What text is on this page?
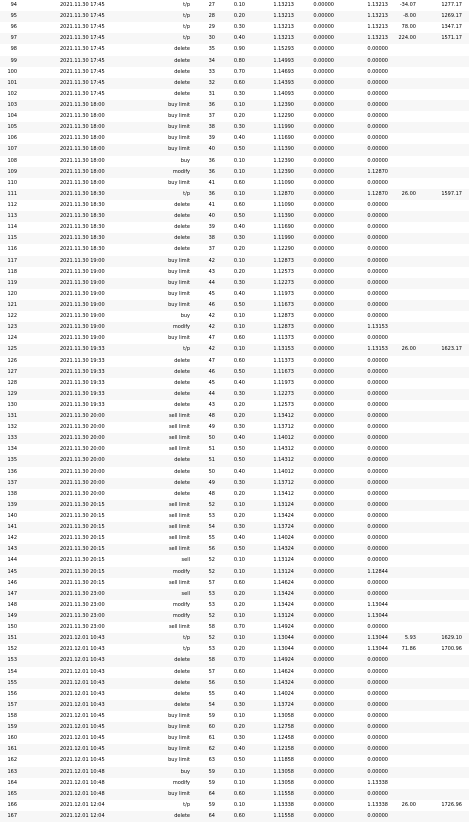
94	2021.11.30 17:45	t/p	27	0.10	1.13213	0.00000	1.13213	-34.07	1277.17
95	2021.11.30 17:45	t/p	28	0.20	1.13213	0.00000	1.13213	-8.00	1269.17
96	2021.11.30 17:45	t/p	29	0.30	1.13213	0.00000	1.13213	78.00	1347.17
97	2021.11.30 17:45	t/p	30	0.40	1.13213	0.00000	1.13213	224.00	1571.17
98	2021.11.30 17:45	delete	35	0.90	1.15293	0.00000	0.00000
99	2021.11.30 17:45	delete	34	0.80	1.14993	0.00000	0.00000
100	2021.11.30 17:45	delete	33	0.70	1.14693	0.00000	0.00000
101	2021.11.30 17:45	delete	32	0.60	1.14393	0.00000	0.00000
102	2021.11.30 17:45	delete	31	0.30	1.14093	0.00000	0.00000
103	2021.11.30 18:00	buy limit	36	0.10	1.12390	0.00000	0.00000
104	2021.11.30 18:00	buy limit	37	0.20	1.12290	0.00000	0.00000
105	2021.11.30 18:00	buy limit	38	0.30	1.11990	0.00000	0.00000
106	2021.11.30 18:00	buy limit	39	0.40	1.11690	0.00000	0.00000
107	2021.11.30 18:00	buy limit	40	0.50	1.11390	0.00000	0.00000
108	2021.11.30 18:00	buy	36	0.10	1.12390	0.00000	0.00000
109	2021.11.30 18:00	modify	36	0.10	1.12390	0.00000	1.12870
110	2021.11.30 18:00	buy limit	41	0.60	1.11090	0.00000	0.00000
111	2021.11.30 18:30	t/p	36	0.10	1.12870	0.00000	1.12870	26.00	1597.17
112	2021.11.30 18:30	delete	41	0.60	1.11090	0.00000	0.00000
113	2021.11.30 18:30	delete	40	0.50	1.11390	0.00000	0.00000
114	2021.11.30 18:30	delete	39	0.40	1.11690	0.00000	0.00000
115	2021.11.30 18:30	delete	38	0.30	1.11990	0.00000	0.00000
116	2021.11.30 18:30	delete	37	0.20	1.12290	0.00000	0.00000
117	2021.11.30 19:00	buy limit	42	0.10	1.12873	0.00000	0.00000
118	2021.11.30 19:00	buy limit	43	0.20	1.12573	0.00000	0.00000
119	2021.11.30 19:00	buy limit	44	0.30	1.12273	0.00000	0.00000
120	2021.11.30 19:00	buy limit	45	0.40	1.11973	0.00000	0.00000
121	2021.11.30 19:00	buy limit	46	0.50	1.11673	0.00000	0.00000
122	2021.11.30 19:00	buy	42	0.10	1.12873	0.00000	0.00000
123	2021.11.30 19:00	modify	42	0.10	1.12873	0.00000	1.13153
124	2021.11.30 19:00	buy limit	47	0.60	1.11373	0.00000	0.00000
125	2021.11.30 19:33	t/p	42	0.10	1.13153	0.00000	1.13153	26.00	1623.17
126	2021.11.30 19:33	delete	47	0.60	1.11373	0.00000	0.00000
127	2021.11.30 19:33	delete	46	0.50	1.11673	0.00000	0.00000
128	2021.11.30 19:33	delete	45	0.40	1.11973	0.00000	0.00000
129	2021.11.30 19:33	delete	44	0.30	1.12273	0.00000	0.00000
130	2021.11.30 19:33	delete	43	0.20	1.12573	0.00000	0.00000
131	2021.11.30 20:00	sell limit	48	0.20	1.13412	0.00000	0.00000
132	2021.11.30 20:00	sell limit	49	0.30	1.13712	0.00000	0.00000
133	2021.11.30 20:00	sell limit	50	0.40	1.14012	0.00000	0.00000
134	2021.11.30 20:00	sell limit	51	0.50	1.14312	0.00000	0.00000
135	2021.11.30 20:00	delete	51	0.50	1.14312	0.00000	0.00000
136	2021.11.30 20:00	delete	50	0.40	1.14012	0.00000	0.00000
137	2021.11.30 20:00	delete	49	0.30	1.13712	0.00000	0.00000
138	2021.11.30 20:00	delete	48	0.20	1.13412	0.00000	0.00000
139	2021.11.30 20:15	sell limit	52	0.10	1.13124	0.00000	0.00000
140	2021.11.30 20:15	sell limit	53	0.20	1.13424	0.00000	0.00000
141	2021.11.30 20:15	sell limit	54	0.30	1.13724	0.00000	0.00000
142	2021.11.30 20:15	sell limit	55	0.40	1.14024	0.00000	0.00000
143	2021.11.30 20:15	sell limit	56	0.50	1.14324	0.00000	0.00000
144	2021.11.30 20:15	sell	52	0.10	1.13124	0.00000	0.00000
145	2021.11.30 20:15	modify	52	0.10	1.13124	0.00000	1.12844
146	2021.11.30 20:15	sell limit	57	0.60	1.14624	0.00000	0.00000
147	2021.11.30 23:00	sell	53	0.20	1.13424	0.00000	0.00000
148	2021.11.30 23:00	modify	53	0.20	1.13424	0.00000	1.13044
149	2021.11.30 23:00	modify	52	0.10	1.13124	0.00000	1.13044
150	2021.11.30 23:00	sell limit	58	0.70	1.14924	0.00000	0.00000
151	2021.12.01 10:43	t/p	52	0.10	1.13044	0.00000	1.13044	5.93	1629.10
152	2021.12.01 10:43	t/p	53	0.20	1.13044	0.00000	1.13044	71.86	1700.96
153	2021.12.01 10:43	delete	58	0.70	1.14924	0.00000	0.00000
154	2021.12.01 10:43	delete	57	0.60	1.14624	0.00000	0.00000
155	2021.12.01 10:43	delete	56	0.50	1.14324	0.00000	0.00000
156	2021.12.01 10:43	delete	55	0.40	1.14024	0.00000	0.00000
157	2021.12.01 10:43	delete	54	0.30	1.13724	0.00000	0.00000
158	2021.12.01 10:45	buy limit	59	0.10	1.13058	0.00000	0.00000
159	2021.12.01 10:45	buy limit	60	0.20	1.12758	0.00000	0.00000
160	2021.12.01 10:45	buy limit	61	0.30	1.12458	0.00000	0.00000
161	2021.12.01 10:45	buy limit	62	0.40	1.12158	0.00000	0.00000
162	2021.12.01 10:45	buy limit	63	0.50	1.11858	0.00000	0.00000
163	2021.12.01 10:48	buy	59	0.10	1.13058	0.00000	0.00000
164	2021.12.01 10:48	modify	59	0.10	1.13058	0.00000	1.13338
165	2021.12.01 10:48	buy limit	64	0.60	1.11558	0.00000	0.00000
166	2021.12.01 12:04	t/p	59	0.10	1.13338	0.00000	1.13338	26.00	1726.96
167	2021.12.01 12:04	delete	64	0.60	1.11558	0.00000	0.00000
